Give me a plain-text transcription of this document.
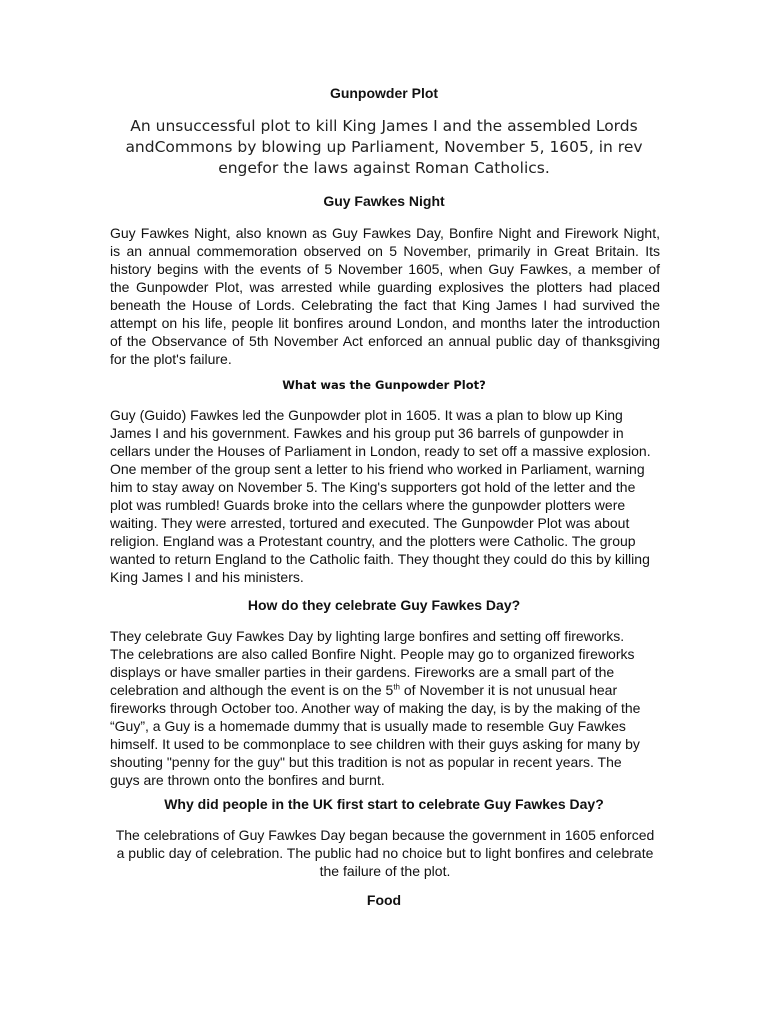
Gunpowder Plot
An unsuccessful plot to kill King James I and the assembled Lords
andCommons by blowing up Parliament, November 5, 1605, in rev
engefor the laws against Roman Catholics.
Guy Fawkes Night
Guy Fawkes Night, also known as Guy Fawkes Day, Bonfire Night and Firework Night,
is an annual commemoration observed on 5 November, primarily in Great Britain. Its
history begins with the events of 5 November 1605, when Guy Fawkes, a member of
the Gunpowder Plot, was arrested while guarding explosives the plotters had placed
beneath the House of Lords. Celebrating the fact that King James I had survived the
attempt on his life, people lit bonfires around London, and months later the introduction
of the Observance of 5th November Act enforced an annual public day of thanksgiving
for the plot's failure.
What was the Gunpowder Plot?
Guy (Guido) Fawkes led the Gunpowder plot in 1605. It was a plan to blow up King
James I and his government. Fawkes and his group put 36 barrels of gunpowder in
cellars under the Houses of Parliament in London, ready to set off a massive explosion.
One member of the group sent a letter to his friend who worked in Parliament, warning
him to stay away on November 5. The King's supporters got hold of the letter and the
plot was rumbled! Guards broke into the cellars where the gunpowder plotters were
waiting. They were arrested, tortured and executed. The Gunpowder Plot was about
religion. England was a Protestant country, and the plotters were Catholic. The group
wanted to return England to the Catholic faith. They thought they could do this by killing
King James I and his ministers.
How do they celebrate Guy Fawkes Day?
They celebrate Guy Fawkes Day by lighting large bonfires and setting off fireworks.
The celebrations are also called Bonfire Night. People may go to organized fireworks
displays or have smaller parties in their gardens. Fireworks are a small part of the
celebration and although the event is on the 5th of November it is not unusual hear
fireworks through October too. Another way of making the day, is by the making of the
“Guy”, a Guy is a homemade dummy that is usually made to resemble Guy Fawkes
himself. It used to be commonplace to see children with their guys asking for many by
shouting "penny for the guy" but this tradition is not as popular in recent years. The
guys are thrown onto the bonfires and burnt.
Why did people in the UK first start to celebrate Guy Fawkes Day?
The celebrations of Guy Fawkes Day began because the government in 1605 enforced
a public day of celebration. The public had no choice but to light bonfires and celebrate
the failure of the plot.
Food
